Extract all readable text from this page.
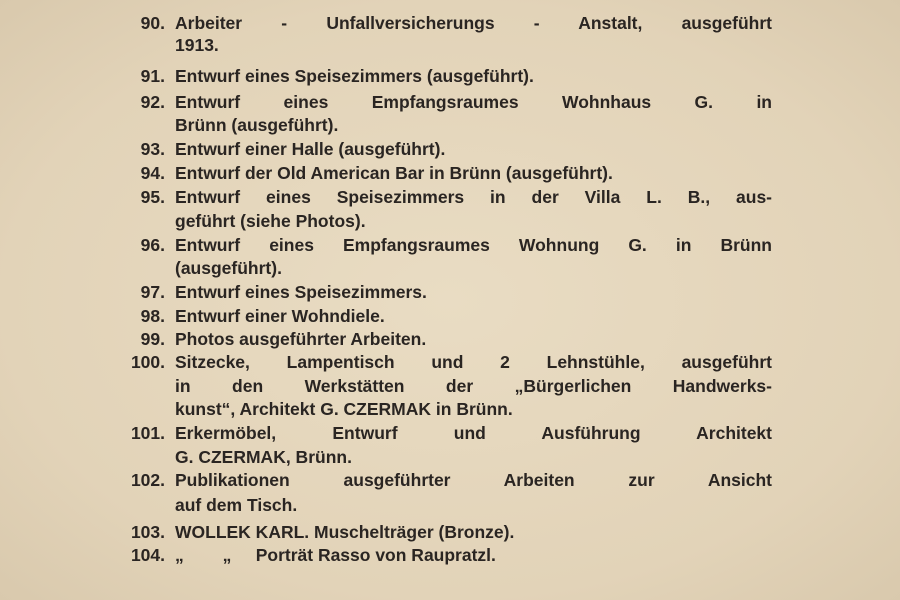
90. Arbeiter - Unfallversicherungs - Anstalt, ausgeführt
1913.
91. Entwurf eines Speisezimmers (ausgeführt).
92. Entwurf eines Empfangsraumes Wohnhaus G. in
Brünn (ausgeführt).
93. Entwurf einer Halle (ausgeführt).
94. Entwurf der Old American Bar in Brünn (ausgeführt).
95. Entwurf eines Speisezimmers in der Villa L. B., aus-
geführt (siehe Photos).
96. Entwurf eines Empfangsraumes Wohnung G. in Brünn
(ausgeführt).
97. Entwurf eines Speisezimmers.
98. Entwurf einer Wohndiele.
99. Photos ausgeführter Arbeiten.
100. Sitzecke, Lampentisch und 2 Lehnstühle, ausgeführt
in den Werkstätten der „Bürgerlichen Handwerks-
kunst“, Architekt G. CZERMAK in Brünn.
101. Erkermöbel, Entwurf und Ausführung Architekt
G. CZERMAK, Brünn.
102. Publikationen ausgeführter Arbeiten zur Ansicht
auf dem Tisch.
103. WOLLEK KARL. Muschelträger (Bronze).
104. „        „     Porträt Rasso von Raupratzl.
